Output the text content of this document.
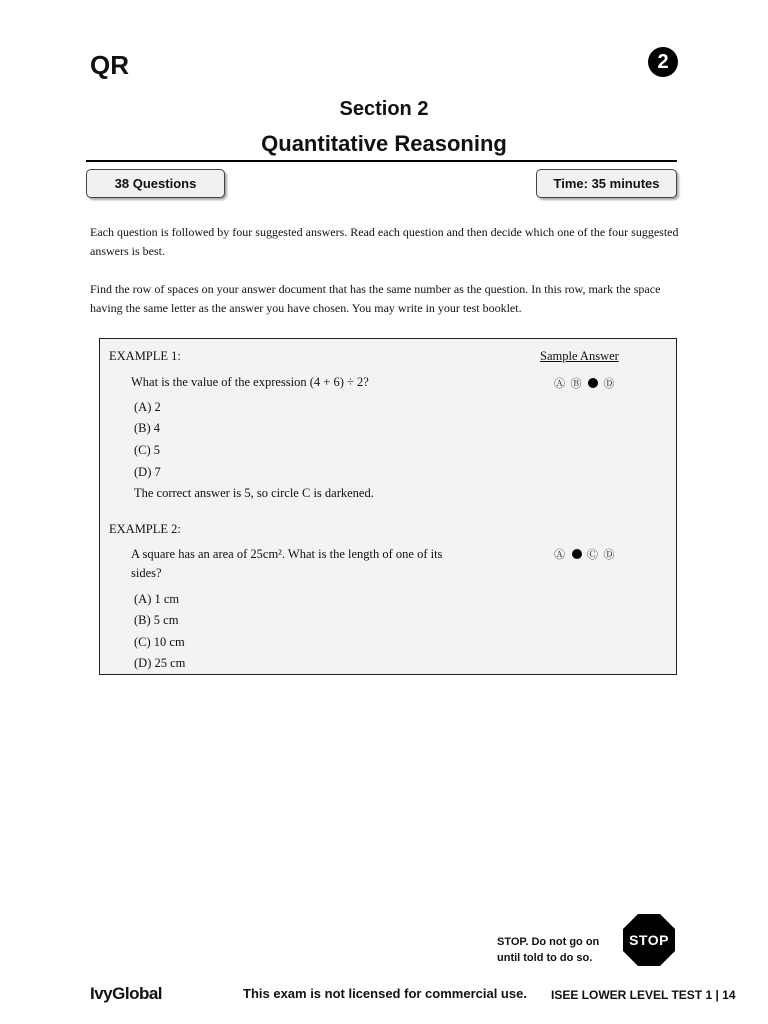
QR	2
Section 2
Quantitative Reasoning
38 Questions	Time: 35 minutes
Each question is followed by four suggested answers. Read each question and then decide which one of the four suggested answers is best.
Find the row of spaces on your answer document that has the same number as the question. In this row, mark the space having the same letter as the answer you have chosen. You may write in your test booklet.
EXAMPLE 1:	Sample Answer
What is the value of the expression (4 + 6) ÷ 2?	Ⓐ Ⓑ Ⓓ
(A) 2
(B) 4
(C) 5
(D) 7
The correct answer is 5, so circle C is darkened.
EXAMPLE 2:
A square has an area of 25cm². What is the length of one of its
sides?
Ⓐ Ⓒ Ⓓ
(A) 1 cm
(B) 5 cm
(C) 10 cm
(D) 25 cm
STOP. Do not go on
until told to do so.
STOP
IvyGlobal	This exam is not licensed for commercial use. ISEE LOWER LEVEL TEST 1 | 14
